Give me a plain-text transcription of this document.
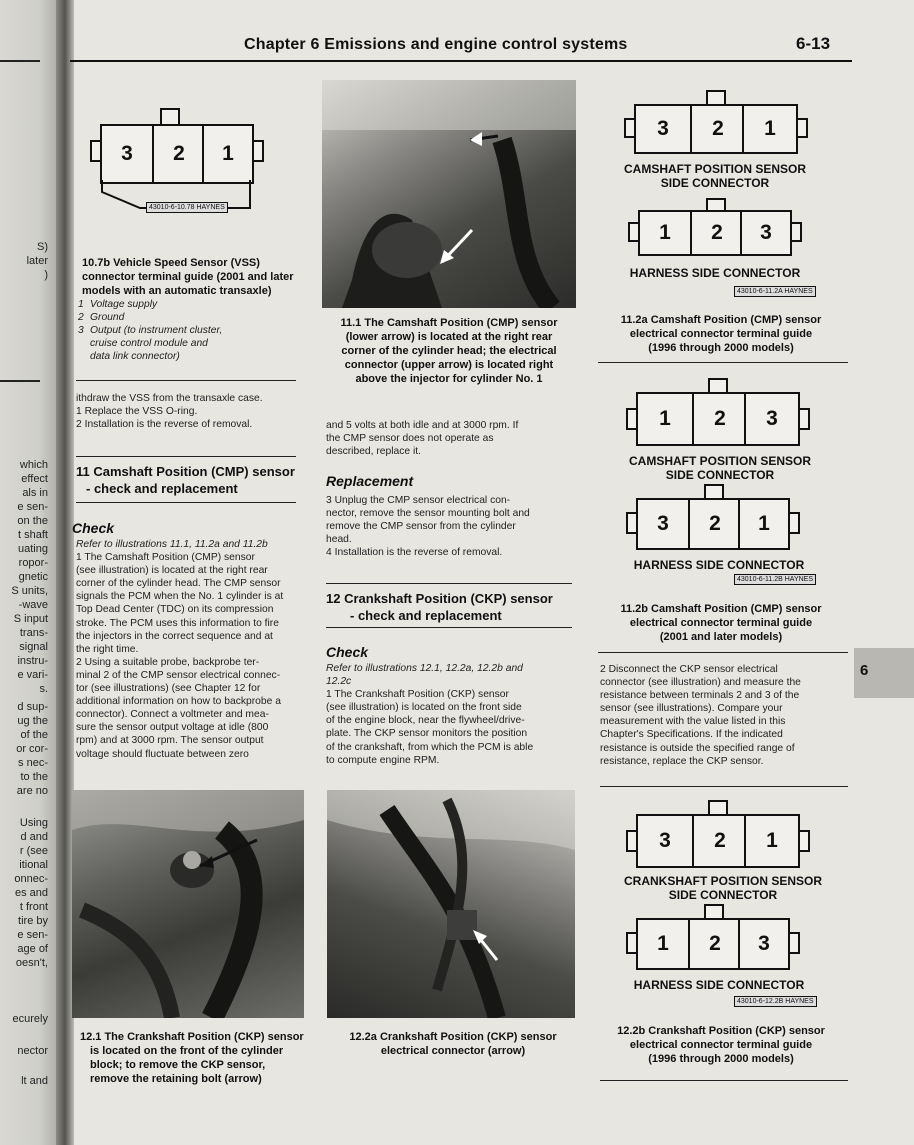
S)
later
)
which
effect
als in
e sen-
on the
t shaft
uating
ropor-
gnetic
S units,
-wave
S input
trans-
signal
instru-
e vari-
s.
d sup-
ug the
of the
or cor-
s nec-
to the
are no
Using
d and
r (see
itional
onnec-
es and
t front
tire by
e sen-
age of
oesn't,
ecurely
nector
lt and
Chapter 6 Emissions and engine control systems	6-13
3	2	1
43010-6-10.78 HAYNES
10.7b Vehicle Speed Sensor (VSS)
connector terminal guide (2001 and later
models with an automatic transaxle)
1 Voltage supply
2 Ground
3 Output (to instrument cluster,
cruise control module and
data link connector)

ithdraw the VSS from the transaxle case.

1 Replace the VSS O-ring.

2 Installation is the reverse of removal.

11 Camshaft Position (CMP) sensor
- check and replacement
Check

Refer to illustrations 11.1, 11.2a and 11.2b

1 The Camshaft Position (CMP) sensor

(see illustration) is located at the right rear

corner of the cylinder head. The CMP sensor

signals the PCM when the No. 1 cylinder is at

Top Dead Center (TDC) on its compression

stroke. The PCM uses this information to fire

the injectors in the correct sequence and at

the right time.

2 Using a suitable probe, backprobe ter-

minal 2 of the CMP sensor electrical connec-

tor (see illustrations) (see Chapter 12 for

additional information on how to backprobe a

connector). Connect a voltmeter and mea-

sure the sensor output voltage at idle (800

rpm) and at 3000 rpm. The sensor output

voltage should fluctuate between zero

12.1 The Crankshaft Position (CKP) sensor
is located on the front of the cylinder
block; to remove the CKP sensor,
remove the retaining bolt (arrow)
11.1 The Camshaft Position (CMP) sensor
(lower arrow) is located at the right rear
corner of the cylinder head; the electrical
connector (upper arrow) is located right
above the injector for cylinder No. 1

and 5 volts at both idle and at 3000 rpm. If

the CMP sensor does not operate as

described, replace it.

Replacement

3 Unplug the CMP sensor electrical con-

nector, remove the sensor mounting bolt and

remove the CMP sensor from the cylinder

head.

4 Installation is the reverse of removal.

12 Crankshaft Position (CKP) sensor
- check and replacement
Check

Refer to illustrations 12.1, 12.2a, 12.2b and

12.2c

1 The Crankshaft Position (CKP) sensor

(see illustration) is located on the front side

of the engine block, near the flywheel/drive-

plate. The CKP sensor monitors the position

of the crankshaft, from which the PCM is able

to compute engine RPM.

12.2a Crankshaft Position (CKP) sensor
electrical connector (arrow)
3	2	1
CAMSHAFT POSITION SENSOR
SIDE CONNECTOR
1	2	3
HARNESS SIDE CONNECTOR
43010-6-11.2A HAYNES
11.2a Camshaft Position (CMP) sensor
electrical connector terminal guide
(1996 through 2000 models)
1	2	3
CAMSHAFT POSITION SENSOR
SIDE CONNECTOR
3	2	1
HARNESS SIDE CONNECTOR
43010-6-11.2B HAYNES
11.2b Camshaft Position (CMP) sensor
electrical connector terminal guide
(2001 and later models)

2 Disconnect the CKP sensor electrical

connector (see illustration) and measure the

resistance between terminals 2 and 3 of the

sensor (see illustrations). Compare your

measurement with the value listed in this

Chapter's Specifications. If the indicated

resistance is outside the specified range of

resistance, replace the CKP sensor.

3	2	1
CRANKSHAFT POSITION SENSOR
SIDE CONNECTOR
1	2	3
HARNESS SIDE CONNECTOR
43010-6-12.2B HAYNES
12.2b Crankshaft Position (CKP) sensor
electrical connector terminal guide
(1996 through 2000 models)
6
